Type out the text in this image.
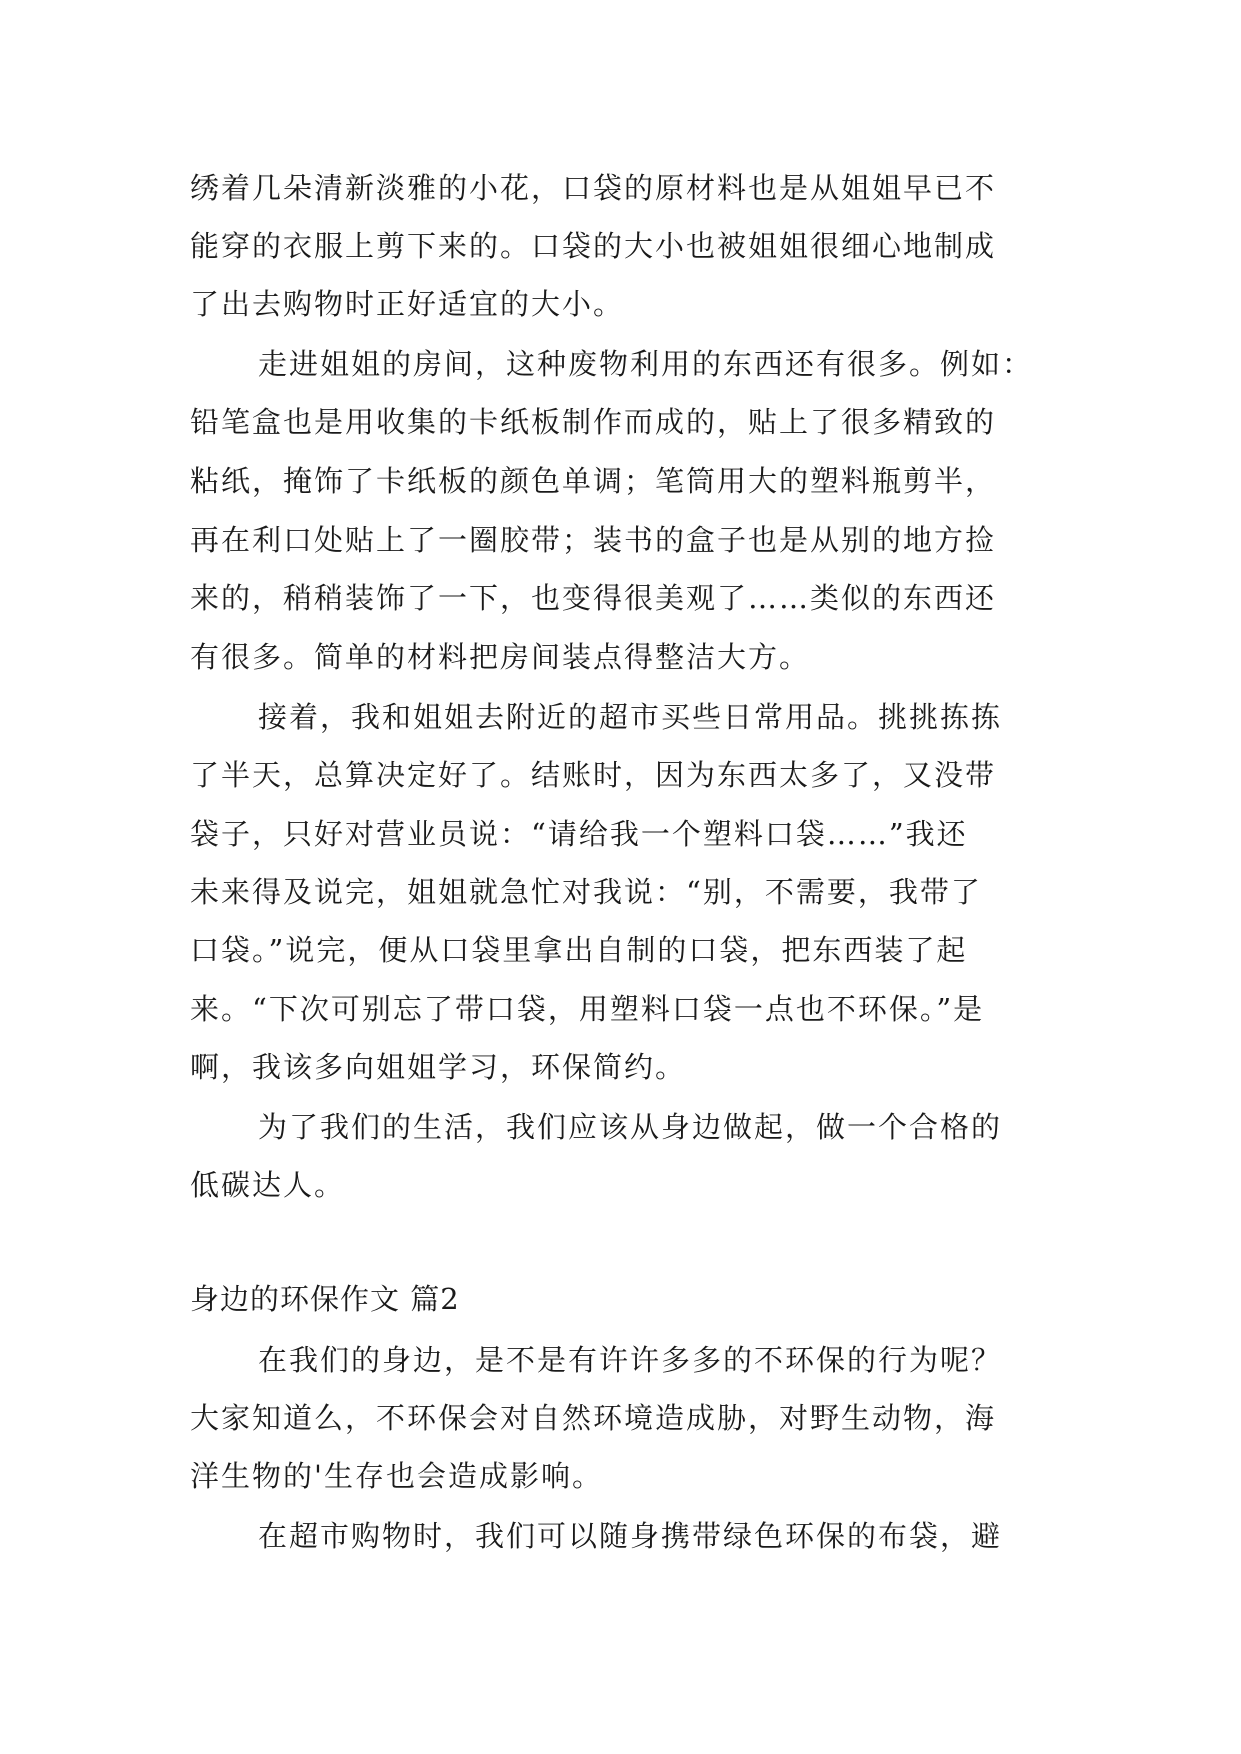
绣着几朵清新淡雅的小花，口袋的原材料也是从姐姐早已不
能穿的衣服上剪下来的。口袋的大小也被姐姐很细心地制成
了出去购物时正好适宜的大小。
走进姐姐的房间，这种废物利用的东西还有很多。例如：
铅笔盒也是用收集的卡纸板制作而成的，贴上了很多精致的
粘纸，掩饰了卡纸板的颜色单调；笔筒用大的塑料瓶剪半，
再在利口处贴上了一圈胶带；装书的盒子也是从别的地方捡
来的，稍稍装饰了一下，也变得很美观了……类似的东西还
有很多。简单的材料把房间装点得整洁大方。
接着，我和姐姐去附近的超市买些日常用品。挑挑拣拣
了半天，总算决定好了。结账时，因为东西太多了，又没带
袋子，只好对营业员说：“请给我一个塑料口袋……”我还
未来得及说完，姐姐就急忙对我说：“别，不需要，我带了
口袋。”说完，便从口袋里拿出自制的口袋，把东西装了起
来。“下次可别忘了带口袋，用塑料口袋一点也不环保。”是
啊，我该多向姐姐学习，环保简约。
为了我们的生活，我们应该从身边做起，做一个合格的
低碳达人。
身边的环保作文 篇2
在我们的身边，是不是有许许多多的不环保的行为呢？
大家知道么，不环保会对自然环境造成胁，对野生动物，海
洋生物的'生存也会造成影响。
在超市购物时，我们可以随身携带绿色环保的布袋，避
